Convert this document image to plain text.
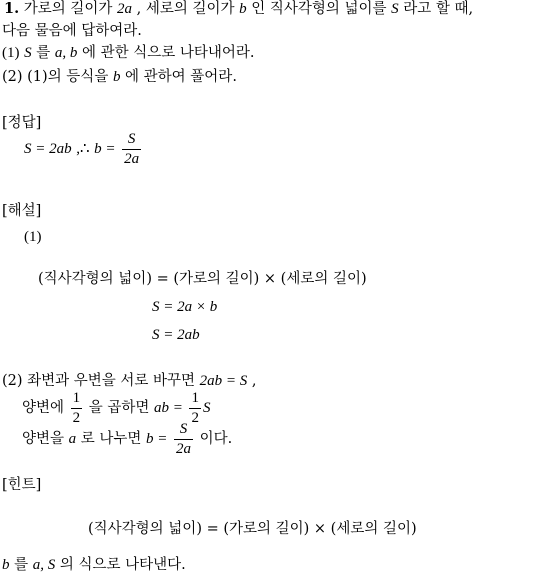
1. 가로의 길이가 2a , 세로의 길이가 b 인 직사각형의 넓이를 S 라고 할 때,
다음 물음에 답하여라.
(1) S 를 a, b 에 관한 식으로 나타내어라.
(2) (1)의 등식을 b 에 관하여 풀어라.
[정답]
S = 2ab ,∴ $b = \frac{S}{2a}$
[해설]
(1)
(직사각형의 넓이) = (가로의 길이) × (세로의 길이)
S = 2a × b
S = 2ab
(2) 좌변과 우변을 서로 바꾸면 2ab = S ,
양변에 $\frac{1}{2}$ 을 곱하면 ab = $\frac{1}{2}$ S
양변을 a 로 나누면 $b = \frac{S}{2a}$ 이다.
[힌트]
(직사각형의 넓이) = (가로의 길이) × (세로의 길이)
b 를 a, S 의 식으로 나타낸다.
